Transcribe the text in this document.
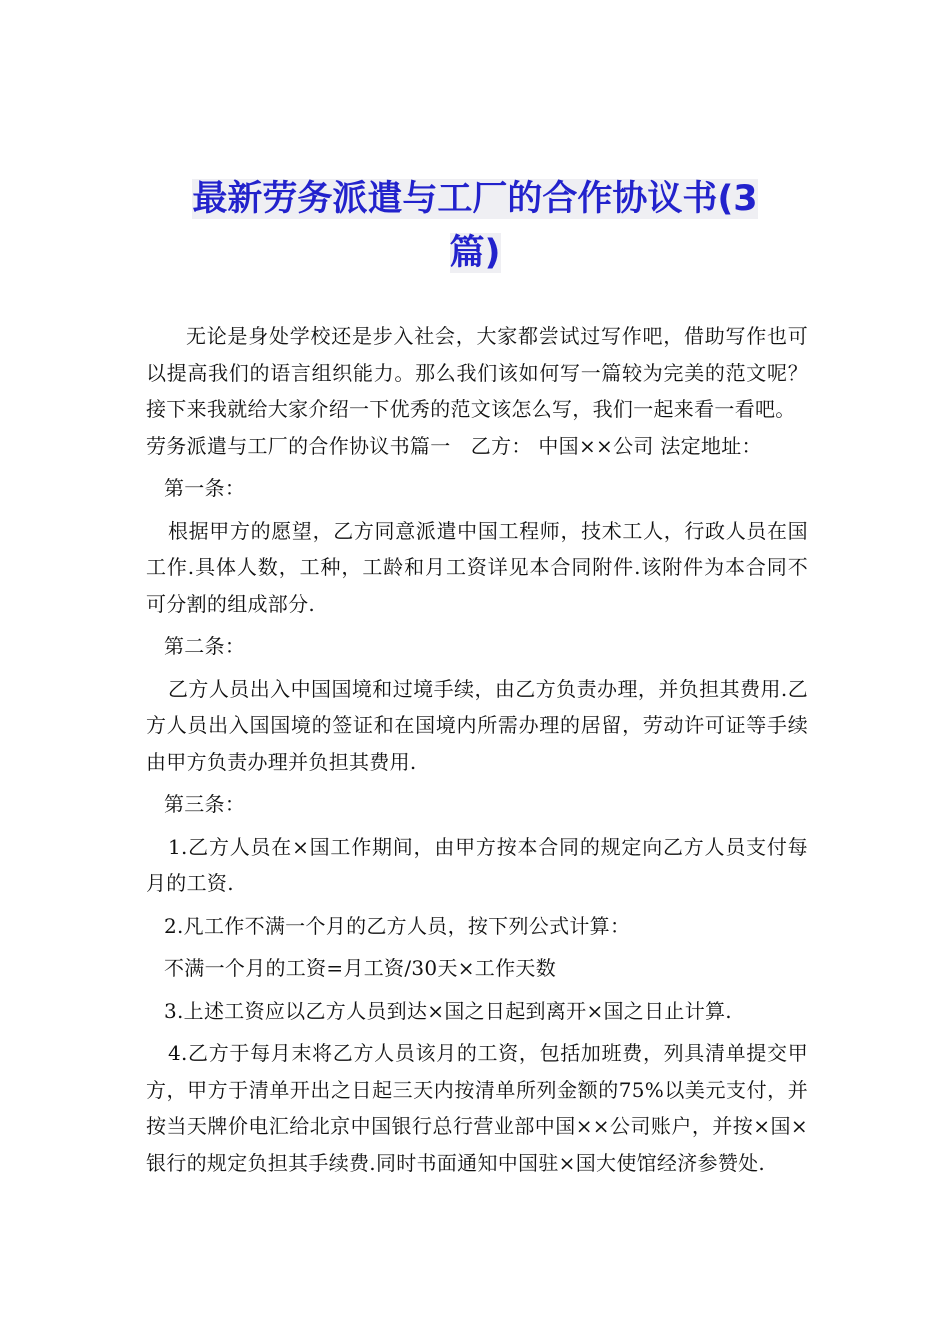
最新劳务派遣与工厂的合作协议书(3
篇)

无论是身处学校还是步入社会，大家都尝试过写作吧，借助写作也可以提高我们的语言组织能力。那么我们该如何写一篇较为完美的范文呢？接下来我就给大家介绍一下优秀的范文该怎么写，我们一起来看一看吧。

劳务派遣与工厂的合作协议书篇一　乙方： 中国××公司 法定地址：

第一条：

根据甲方的愿望，乙方同意派遣中国工程师，技术工人，行政人员在国工作.具体人数，工种，工龄和月工资详见本合同附件.该附件为本合同不可分割的组成部分.

第二条：

乙方人员出入中国国境和过境手续，由乙方负责办理，并负担其费用.乙方人员出入国国境的签证和在国境内所需办理的居留，劳动许可证等手续由甲方负责办理并负担其费用.

第三条：

1.乙方人员在×国工作期间，由甲方按本合同的规定向乙方人员支付每月的工资.

2.凡工作不满一个月的乙方人员，按下列公式计算：

不满一个月的工资=月工资/30天×工作天数

3.上述工资应以乙方人员到达×国之日起到离开×国之日止计算.

4.乙方于每月末将乙方人员该月的工资，包括加班费，列具清单提交甲方，甲方于清单开出之日起三天内按清单所列金额的75%以美元支付，并按当天牌价电汇给北京中国银行总行营业部中国××公司账户，并按×国×银行的规定负担其手续费.同时书面通知中国驻×国大使馆经济参赞处.
